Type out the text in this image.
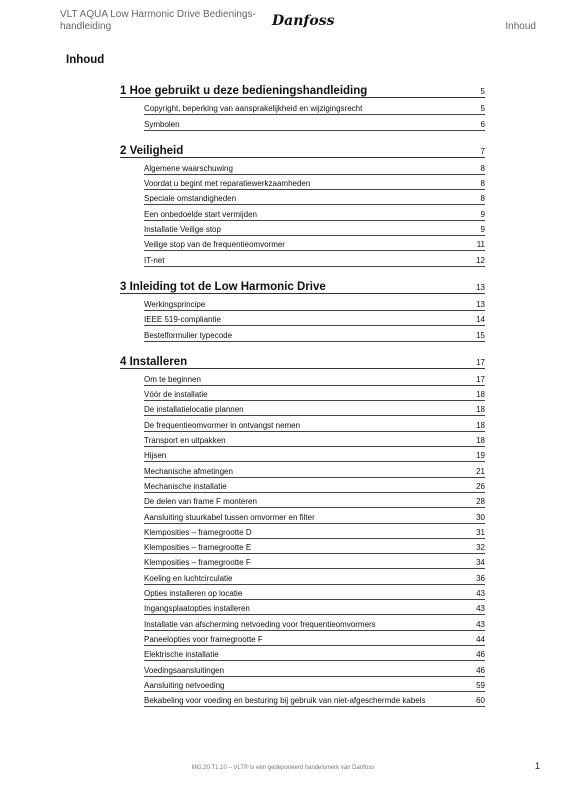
VLT AQUA Low Harmonic Drive Bedienings-handleiding	Danfoss	Inhoud
Inhoud
1 Hoe gebruikt u deze bedieningshandleiding	5
Copyright, beperking van aansprakelijkheid en wijzigingsrecht	5
Symbolen	6
2 Veiligheid	7
Algemene waarschuwing	8
Voordat u begint met reparatiewerkzaamheden	8
Speciale omstandigheden	8
Een onbedoelde start vermijden	9
Installatie Veilige stop	9
Veilige stop van de frequentieomvormer	11
IT-net	12
3 Inleiding tot de Low Harmonic Drive	13
Werkingsprincipe	13
IEEE 519-compliantie	14
Bestelformulier typecode	15
4 Installeren	17
Om te beginnen	17
Vóór de installatie	18
De installatielocatie plannen	18
De frequentieomvormer in ontvangst nemen	18
Transport en uitpakken	18
Hijsen	19
Mechanische afmetingen	21
Mechanische installatie	26
De delen van frame F monteren	28
Aansluiting stuurkabel tussen omvormer en filter	30
Klemposities – framegrootte D	31
Klemposities – framegrootte E	32
Klemposities – framegrootte F	34
Koeling en luchtcirculatie	36
Opties installeren op locatie	43
Ingangsplaatopties installeren	43
Installatie van afscherming netvoeding voor frequentieomvormers	43
Paneelopties voor framegrootte F	44
Elektrische installatie	46
Voedingsaansluitingen	46
Aansluiting netvoeding	59
Bekabeling voor voeding en besturing bij gebruik van niet-afgeschermde kabels	60
MG.20.T1.10 – VLT® is een gedeponeerd handelsmerk van Danfoss	1
